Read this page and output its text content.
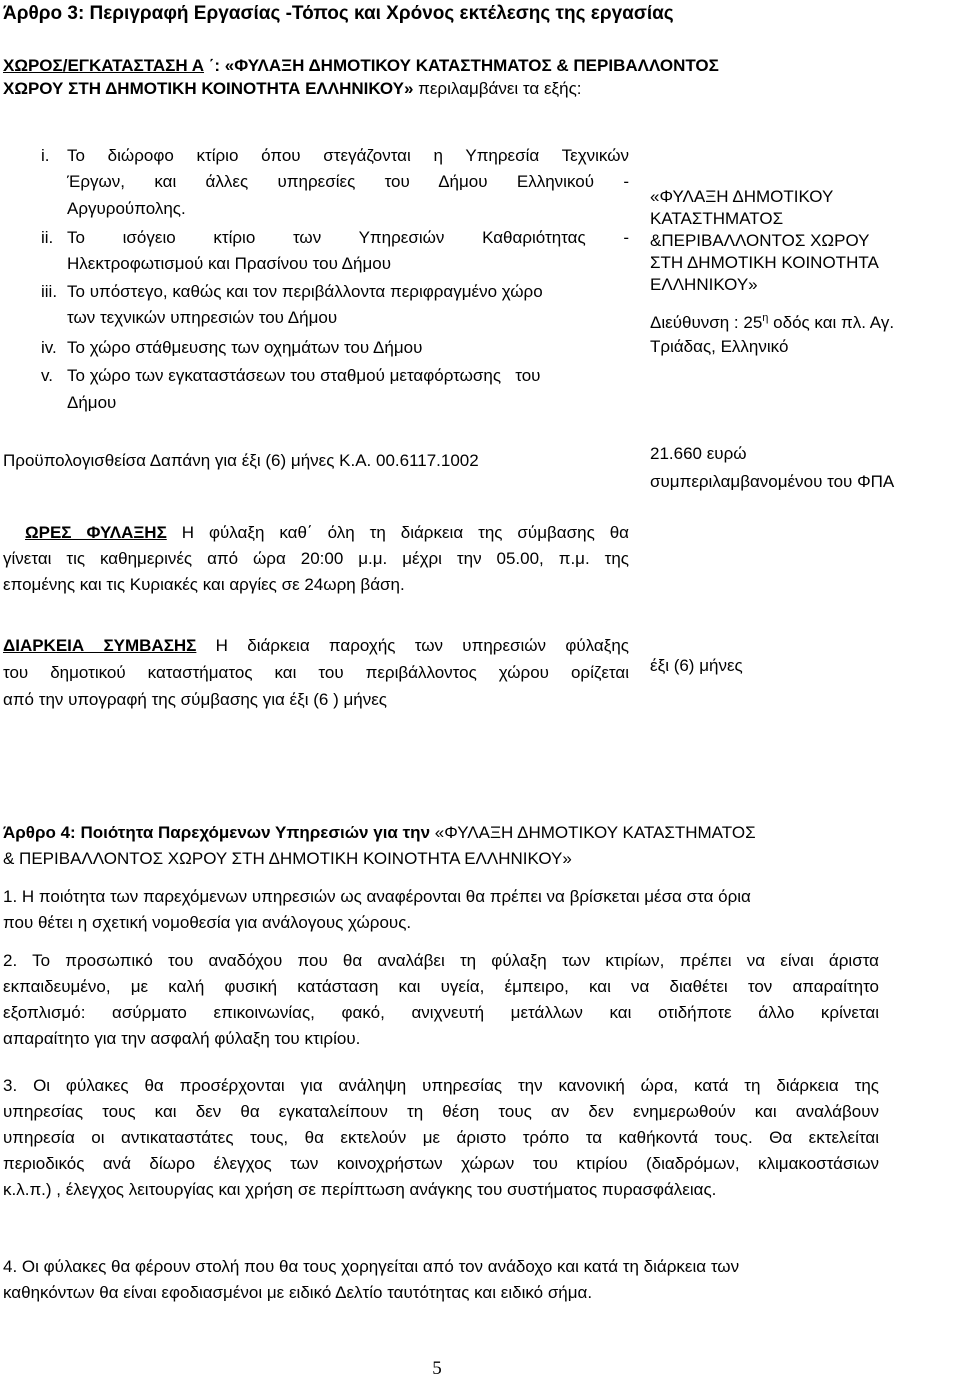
Άρθρο 3: Περιγραφή Εργασίας -Τόπος και Χρόνος εκτέλεσης της εργασίας
ΧΩΡΟΣ/ΕΓΚΑΤΑΣΤΑΣΗ Α ΄: «ΦΥΛΑΞΗ ΔΗΜΟΤΙΚΟΥ ΚΑΤΑΣΤΗΜΑΤΟΣ & ΠΕΡΙΒΑΛΛΟΝΤΟΣ
ΧΩΡΟΥ ΣΤΗ ΔΗΜΟΤΙΚΗ ΚΟΙΝΟΤΗΤΑ ΕΛΛΗΝΙΚΟΥ» περιλαμβάνει τα εξής:
i. Το διώροφο κτίριο όπου στεγάζονται η Υπηρεσία Τεχνικών
Έργων, και άλλες υπηρεσίες του Δήμου Ελληνικού -
Αργυρούπολης.
ii. Το ισόγειο κτίριο των Υπηρεσιών Καθαριότητας -
Ηλεκτροφωτισμού και Πρασίνου του Δήμου
iii. Το υπόστεγο, καθώς και τον περιβάλλοντα περιφραγμένο χώρο
των τεχνικών υπηρεσιών του Δήμου
iv. Το χώρο στάθμευσης των οχημάτων του Δήμου
v. Το χώρο των εγκαταστάσεων του σταθμού μεταφόρτωσης   του
Δήμου
«ΦΥΛΑΞΗ ΔΗΜΟΤΙΚΟΥ
ΚΑΤΑΣΤΗΜΑΤΟΣ
&ΠΕΡΙΒΑΛΛΟΝΤΟΣ ΧΩΡΟΥ
ΣΤΗ ΔΗΜΟΤΙΚΗ ΚΟΙΝΟΤΗΤΑ
ΕΛΛΗΝΙΚΟΥ»
Διεύθυνση : $25^\eta$ οδός και πλ. Αγ.
Τριάδας, Ελληνικό
Προϋπολογισθείσα Δαπάνη για έξι (6) μήνες Κ.Α. 00.6117.1002	21.660 ευρώ
συμπεριλαμβανομένου του ΦΠΑ
ΩΡΕΣ ΦΥΛΑΞΗΣ Η φύλαξη καθ΄ όλη τη διάρκεια της σύμβασης θα
γίνεται τις καθημερινές από ώρα 20:00 μ.μ. μέχρι την 05.00, π.μ. της
επομένης και τις Κυριακές και αργίες σε 24ωρη βάση.
ΔΙΑΡΚΕΙΑ ΣΥΜΒΑΣΗΣ Η διάρκεια παροχής των υπηρεσιών φύλαξης
του δημοτικού καταστήματος και του περιβάλλοντος χώρου ορίζεται
από την υπογραφή της σύμβασης για έξι (6 ) μήνες
έξι (6) μήνες
Άρθρο 4: Ποιότητα Παρεχόμενων Υπηρεσιών για την «ΦΥΛΑΞΗ ΔΗΜΟΤΙΚΟΥ ΚΑΤΑΣΤΗΜΑΤΟΣ
& ΠΕΡΙΒΑΛΛΟΝΤΟΣ ΧΩΡΟΥ ΣΤΗ ΔΗΜΟΤΙΚΗ ΚΟΙΝΟΤΗΤΑ ΕΛΛΗΝΙΚΟΥ»
1. Η ποιότητα των παρεχόμενων υπηρεσιών ως αναφέρονται θα πρέπει να βρίσκεται μέσα στα όρια
που θέτει η σχετική νομοθεσία για ανάλογους χώρους.
2. Το προσωπικό του αναδόχου που θα αναλάβει τη φύλαξη των κτιρίων, πρέπει να είναι άριστα
εκπαιδευμένο, με καλή φυσική κατάσταση και υγεία, έμπειρο, και να διαθέτει τον απαραίτητο
εξοπλισμό: ασύρματο επικοινωνίας, φακό, ανιχνευτή μετάλλων και οτιδήποτε άλλο κρίνεται
απαραίτητο για την ασφαλή φύλαξη του κτιρίου.
3. Οι φύλακες θα προσέρχονται για ανάληψη υπηρεσίας την κανονική ώρα, κατά τη διάρκεια της
υπηρεσίας τους και δεν θα εγκαταλείπουν τη θέση τους αν δεν ενημερωθούν και αναλάβουν
υπηρεσία οι αντικαταστάτες τους, θα εκτελούν με άριστο τρόπο τα καθήκοντά τους. Θα εκτελείται
περιοδικός ανά δίωρο έλεγχος των κοινοχρήστων χώρων του κτιρίου (διαδρόμων, κλιμακοστάσιων
κ.λ.π.) , έλεγχος λειτουργίας και χρήση σε περίπτωση ανάγκης του συστήματος πυρασφάλειας.
4. Οι φύλακες θα φέρουν στολή που θα τους χορηγείται από τον ανάδοχο και κατά τη διάρκεια των
καθηκόντων θα είναι εφοδιασμένοι με ειδικό Δελτίο ταυτότητας και ειδικό σήμα.
5
